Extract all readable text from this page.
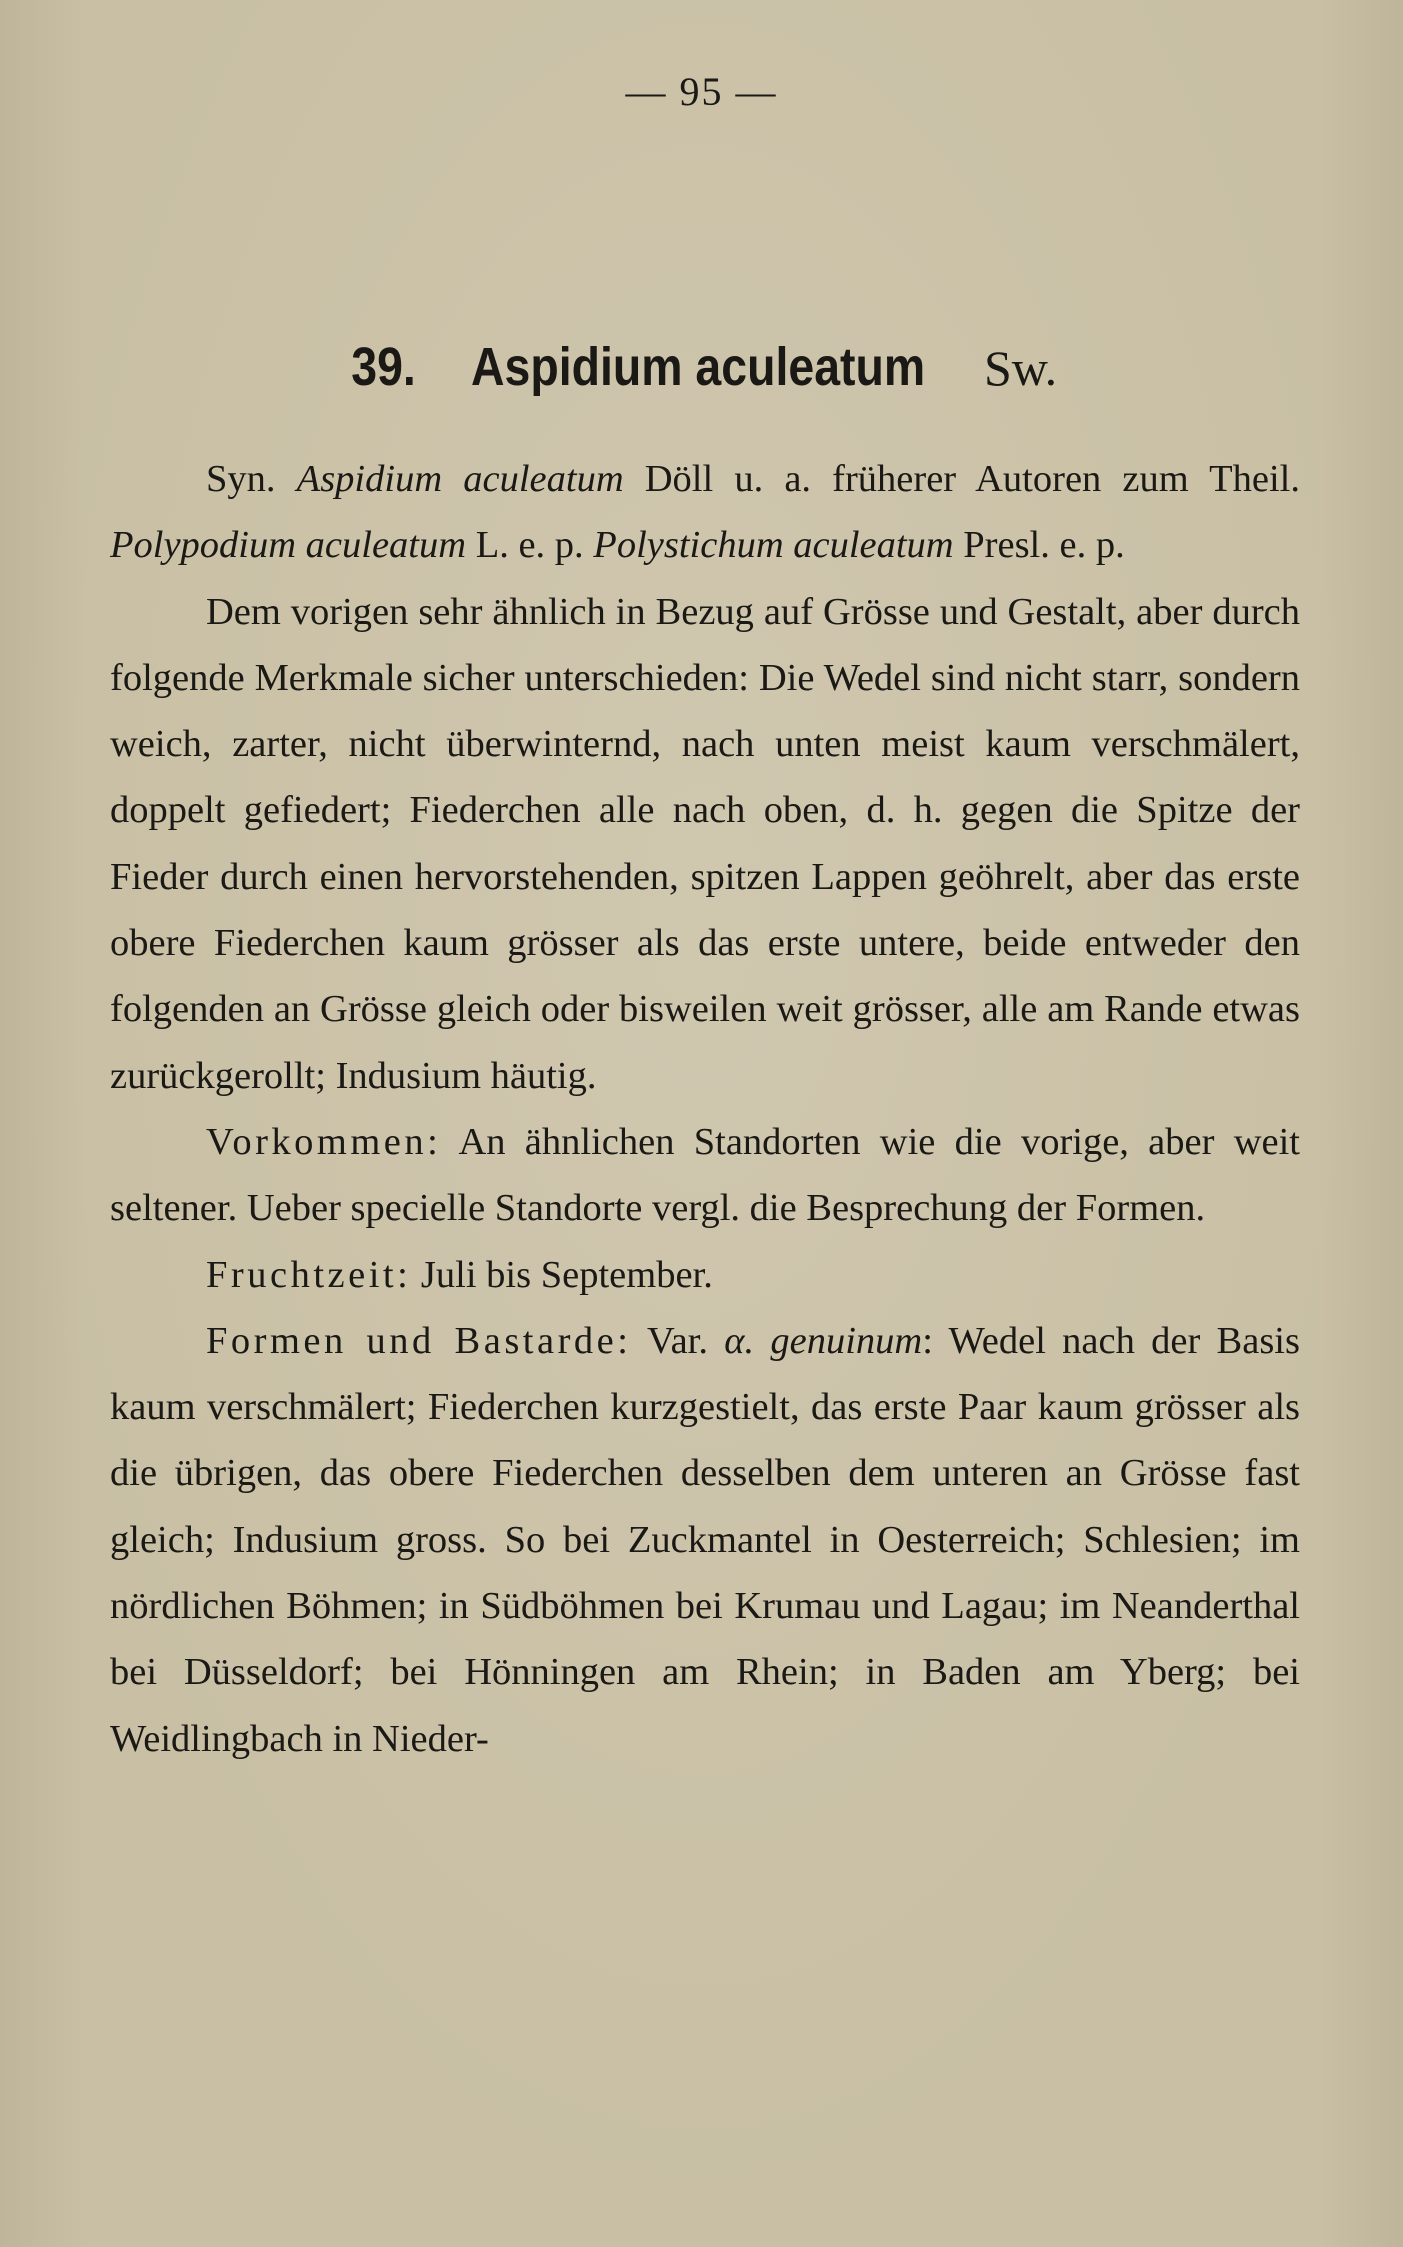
— 95 —
39. Aspidium aculeatum Sw.

Syn. Aspidium aculeatum Döll u. a. früherer Autoren zum Theil. Polypodium aculeatum L. e. p. Polystichum aculeatum Presl. e. p.

Dem vorigen sehr ähnlich in Bezug auf Grösse und Gestalt, aber durch folgende Merkmale sicher unterschieden: Die Wedel sind nicht starr, sondern weich, zarter, nicht überwinternd, nach unten meist kaum verschmälert, doppelt gefiedert; Fiederchen alle nach oben, d. h. gegen die Spitze der Fieder durch einen hervorstehenden, spitzen Lappen geöhrelt, aber das erste obere Fiederchen kaum grösser als das erste untere, beide entweder den folgenden an Grösse gleich oder bisweilen weit grösser, alle am Rande etwas zurückgerollt; Indusium häutig.

Vorkommen: An ähnlichen Standorten wie die vorige, aber weit seltener. Ueber specielle Standorte vergl. die Besprechung der Formen.

Fruchtzeit: Juli bis September.

Formen und Bastarde: Var. α. genuinum: Wedel nach der Basis kaum verschmälert; Fiederchen kurzgestielt, das erste Paar kaum grösser als die übrigen, das obere Fiederchen desselben dem unteren an Grösse fast gleich; Indusium gross. So bei Zuckmantel in Oesterreich; Schlesien; im nördlichen Böhmen; in Südböhmen bei Krumau und Lagau; im Neanderthal bei Düsseldorf; bei Hönningen am Rhein; in Baden am Yberg; bei Weidlingbach in Nieder-
